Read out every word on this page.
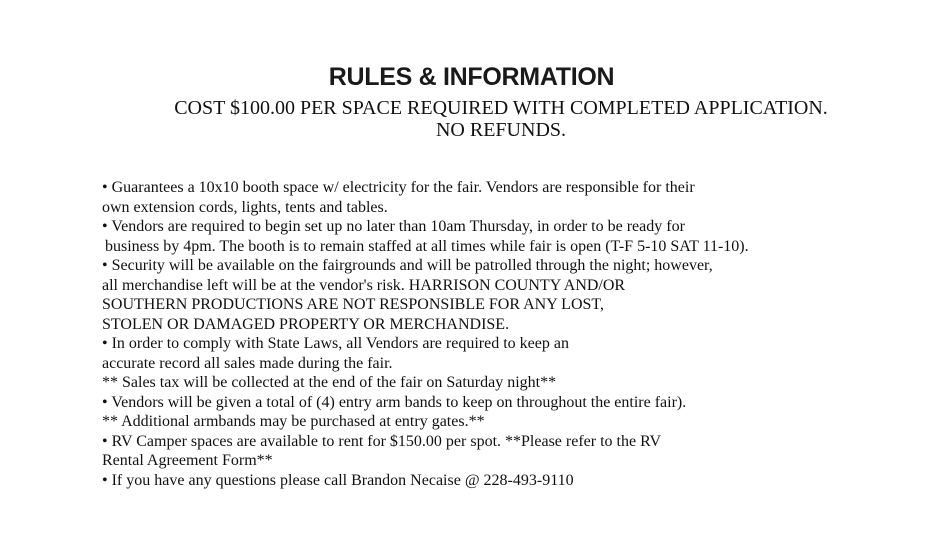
RULES & INFORMATION
COST $100.00 PER SPACE REQUIRED WITH COMPLETED APPLICATION.
NO REFUNDS.
• Guarantees a 10x10 booth space w/ electricity for the fair. Vendors are responsible for their
own extension cords, lights, tents and tables.
• Vendors are required to begin set up no later than 10am Thursday, in order to be ready for
business by 4pm. The booth is to remain staffed at all times while fair is open (T-F 5-10 SAT 11-10).
• Security will be available on the fairgrounds and will be patrolled through the night; however,
all merchandise left will be at the vendor's risk. HARRISON COUNTY AND/OR
SOUTHERN PRODUCTIONS ARE NOT RESPONSIBLE FOR ANY LOST,
STOLEN OR DAMAGED PROPERTY OR MERCHANDISE.
• In order to comply with State Laws, all Vendors are required to keep an
accurate record all sales made during the fair.
** Sales tax will be collected at the end of the fair on Saturday night**
• Vendors will be given a total of (4) entry arm bands to keep on throughout the entire fair).
** Additional armbands may be purchased at entry gates.**
• RV Camper spaces are available to rent for $150.00 per spot. **Please refer to the RV
Rental Agreement Form**
• If you have any questions please call Brandon Necaise @ 228-493-9110
